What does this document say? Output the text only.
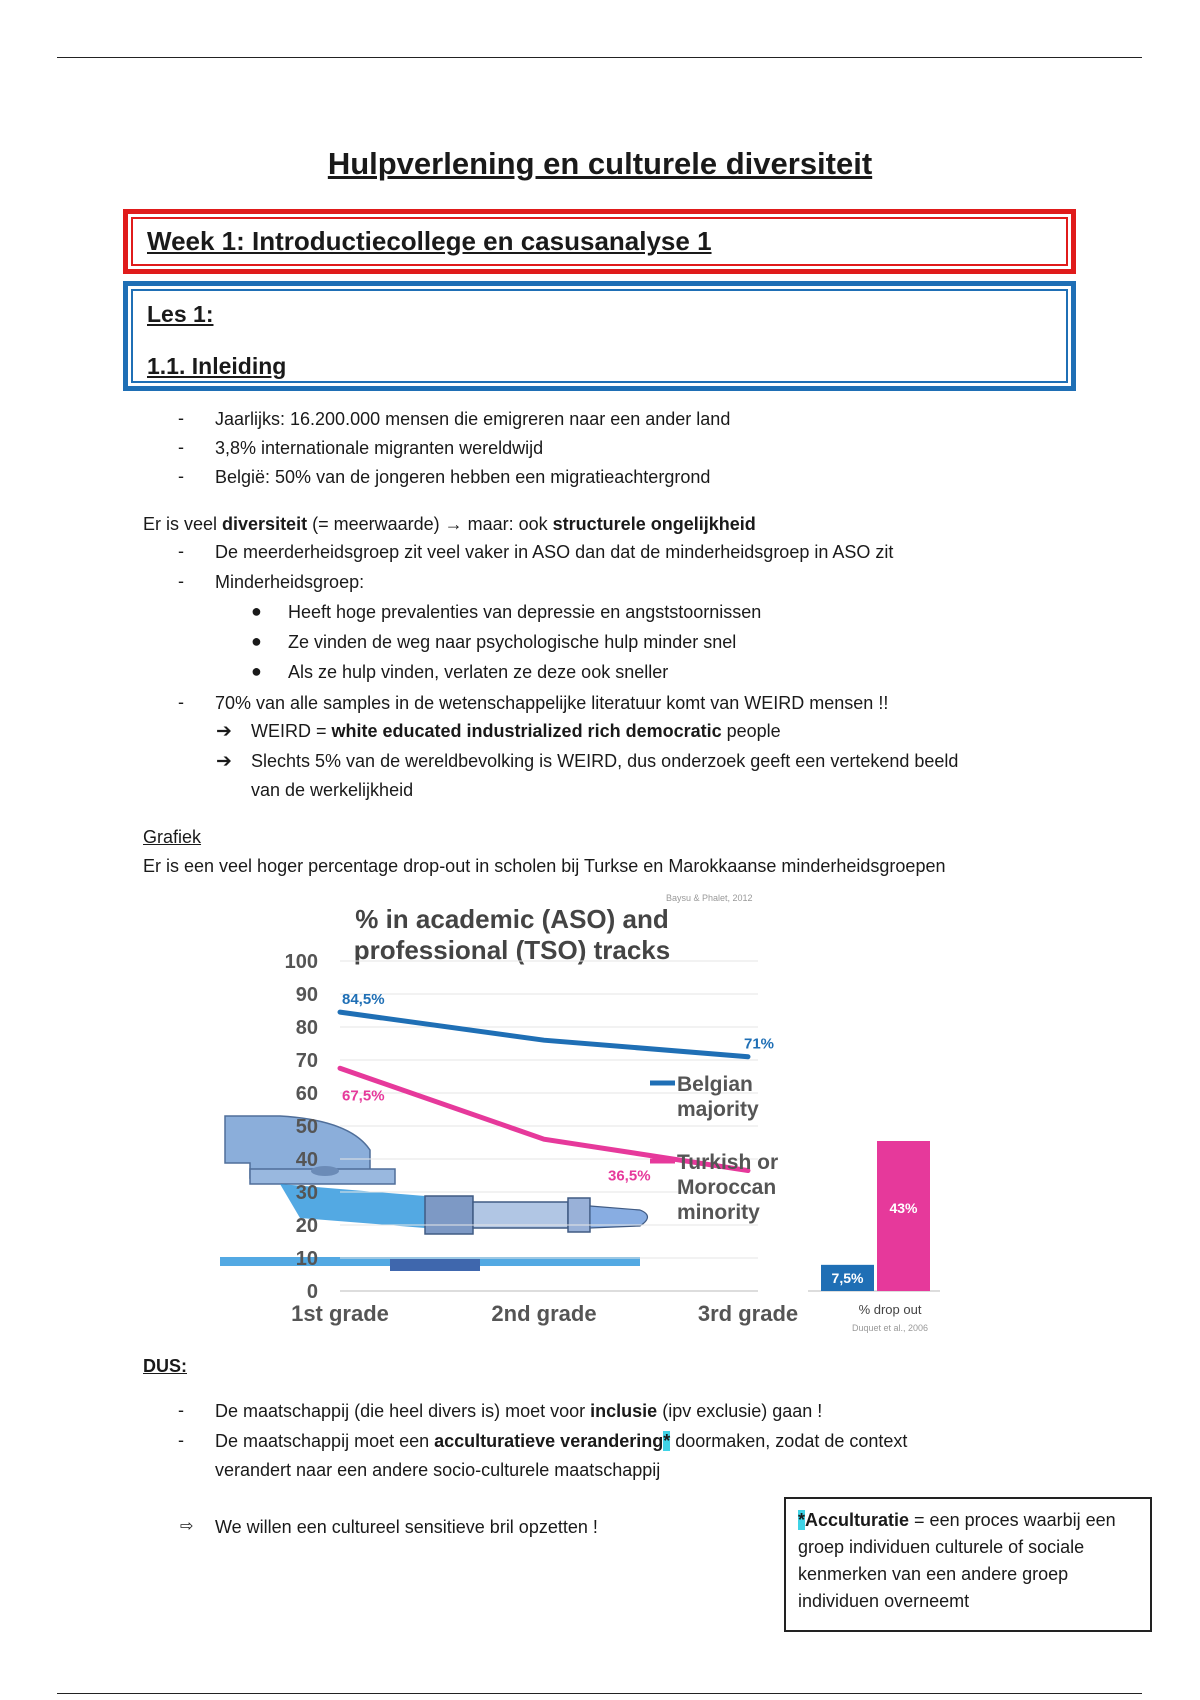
Hulpverlening en culturele diversiteit
Week 1: Introductiecollege en casusanalyse 1
Les 1:
1.1. Inleiding
- Jaarlijks: 16.200.000 mensen die emigreren naar een ander land
- 3,8% internationale migranten wereldwijd
- België: 50% van de jongeren hebben een migratieachtergrond
Er is veel diversiteit (= meerwaarde) → maar: ook structurele ongelijkheid
- De meerderheidsgroep zit veel vaker in ASO dan dat de minderheidsgroep in ASO zit
- Minderheidsgroep:
● Heeft hoge prevalenties van depressie en angststoornissen
● Ze vinden de weg naar psychologische hulp minder snel
● Als ze hulp vinden, verlaten ze deze ook sneller
- 70% van alle samples in de wetenschappelijke literatuur komt van WEIRD mensen !!
➔ WEIRD = white educated industrialized rich democratic people
➔ Slechts 5% van de wereldbevolking is WEIRD, dus onderzoek geeft een vertekend beeld
van de werkelijkheid
Grafiek
Er is een veel hoger percentage drop-out in scholen bij Turkse en Marokkaanse minderheidsgroepen
Baysu & Phalet, 2012
% in academic (ASO) and
professional (TSO) tracks
0
10
20
30
40
50
60
70
80
90
100
1st grade	2nd grade	3rd grade
84,5%
71%
67,5%
36,5%
Belgian
majority
Turkish or
Moroccan
minority
7,5%
43%
% drop out
Duquet et al., 2006
DUS:
- De maatschappij (die heel divers is) moet voor inclusie (ipv exclusie) gaan !
- De maatschappij moet een acculturatieve verandering* doormaken, zodat de context
verandert naar een andere socio-culturele maatschappij
⇨ We willen een cultureel sensitieve bril opzetten !	*Acculturatie = een proces waarbij een groep individuen culturele of sociale kenmerken van een andere groep individuen overneemt
